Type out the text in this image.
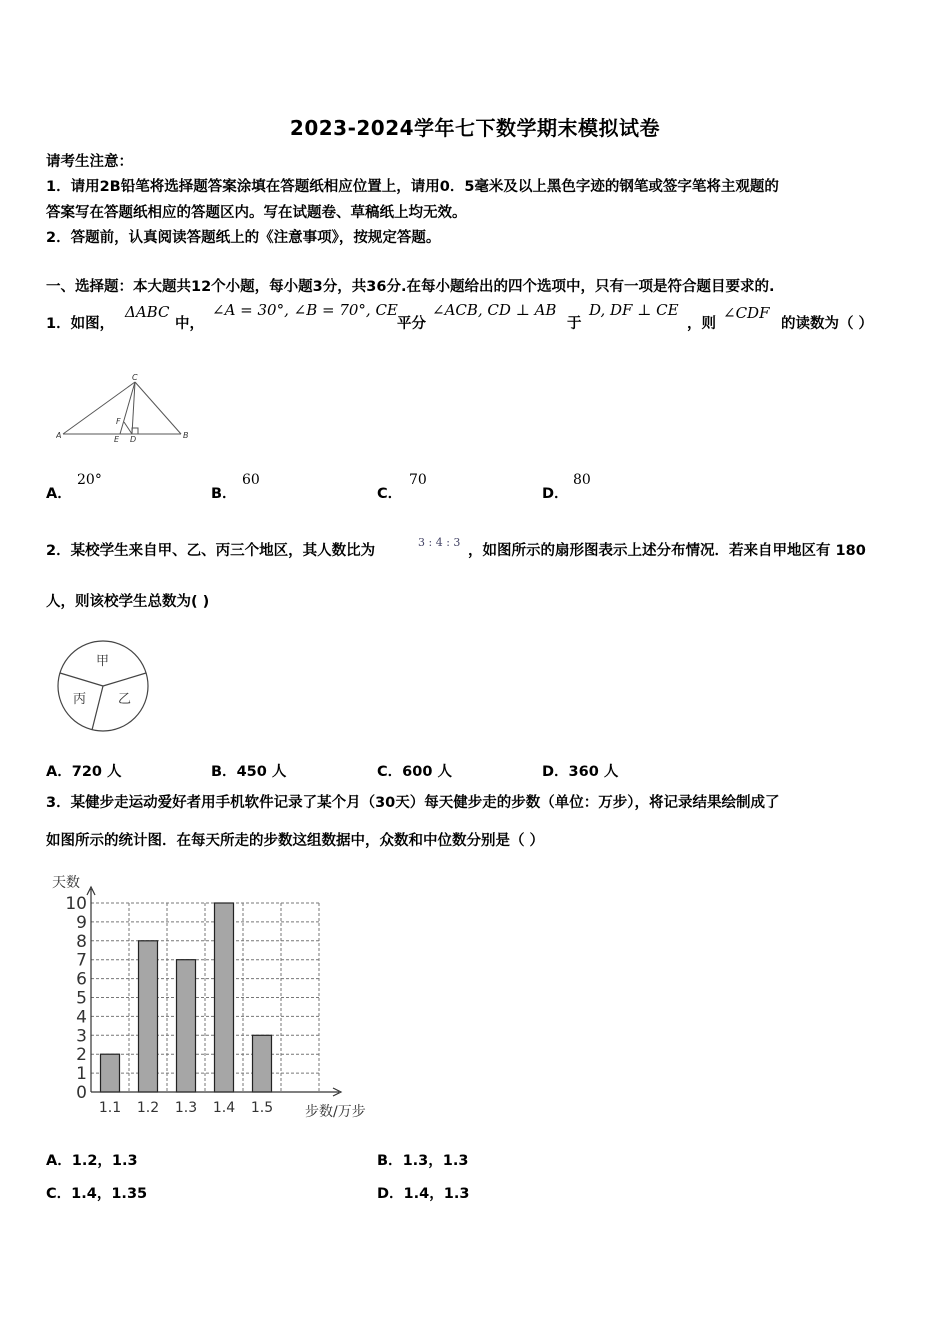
2023-2024学年七下数学期末模拟试卷
请考生注意：
1．请用2B铅笔将选择题答案涂填在答题纸相应位置上，请用0．5毫米及以上黑色字迹的钢笔或签字笔将主观题的
答案写在答题纸相应的答题区内。写在试题卷、草稿纸上均无效。
2．答题前，认真阅读答题纸上的《注意事项》，按规定答题。
一、选择题：本大题共12个小题，每小题3分，共36分.在每小题给出的四个选项中，只有一项是符合题目要求的.
1．如图，
ΔABC
中，
∠A = 30°, ∠B = 70°, CE
平分
∠ACB, CD ⊥ AB
于
D, DF ⊥ CE
，则
∠CDF
的读数为（ ）
A	B
C
E D
F
A．
20°
B．
60
C．
70
D．
80
2．某校学生来自甲、乙、丙三个地区，其人数比为
3 : 4 : 3
，如图所示的扇形图表示上述分布情况．若来自甲地区有 180
人，则该校学生总数为( )
甲
丙 乙
A．720 人	B．450 人	C．600 人	D．360 人
3．某健步走运动爱好者用手机软件记录了某个月（30天）每天健步走的步数（单位：万步），将记录结果绘制成了
如图所示的统计图．在每天所走的步数这组数据中，众数和中位数分别是（ ）
0
1
2
3
4
5
6
7
8
9
10
1.1 1.2 1.3 1.4 1.5
天数
步数/万步
A．1.2，1.3	B．1.3，1.3
C．1.4，1.35	D．1.4，1.3
